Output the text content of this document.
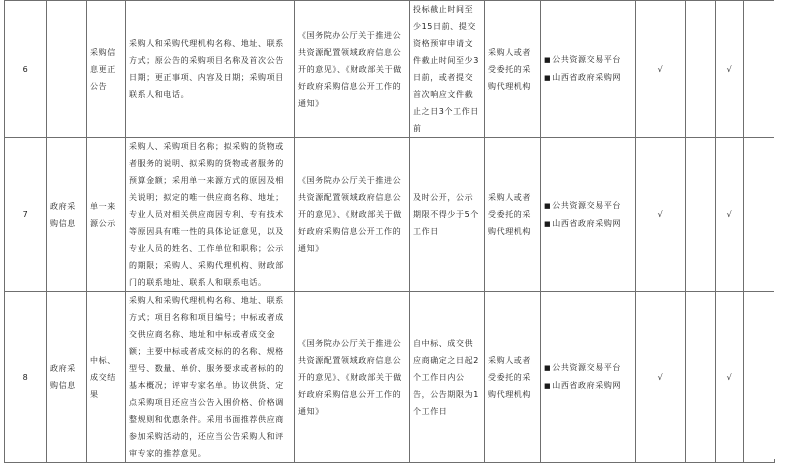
6		采购信息更正公告	采购人和采购代理机构名称、地址、联系方式；原公告的采购项目名称及首次公告日期；更正事项、内容及日期；采购项目联系人和电话。	《国务院办公厅关于推进公共资源配置领域政府信息公开的意见》、《财政部关于做好政府采购信息公开工作的通知》	投标截止时间至少15日前、提交资格预审申请文件截止时间至少3日前，或者提交首次响应文件截止之日3个工作日前	采购人或者受委托的采购代理机构	■公共资源交易平台
■山西省政府采购网	√		√	
7	政府采购信息	单一来源公示	采购人、采购项目名称；拟采购的货物或者服务的说明、拟采购的货物或者服务的预算金额；采用单一来源方式的原因及相关说明；拟定的唯一供应商名称、地址；专业人员对相关供应商因专利、专有技术等原因具有唯一性的具体论证意见，以及专业人员的姓名、工作单位和职称；公示的期限；采购人、采购代理机构、财政部门的联系地址、联系人和联系电话。	《国务院办公厅关于推进公共资源配置领域政府信息公开的意见》、《财政部关于做好政府采购信息公开工作的通知》	及时公开，公示期限不得少于5个工作日	采购人或者受委托的采购代理机构	■公共资源交易平台
■山西省政府采购网	√		√	
8	政府采购信息	中标、成交结果	采购人和采购代理机构名称、地址、联系方式；项目名称和项目编号；中标或者成交供应商名称、地址和中标或者成交金额；主要中标或者成交标的的名称、规格型号、数量、单价、服务要求或者标的的基本概况；评审专家名单。协议供货、定点采购项目还应当公告入围价格、价格调整规则和优惠条件。采用书面推荐供应商参加采购活动的，还应当公告采购人和评审专家的推荐意见。	《国务院办公厅关于推进公共资源配置领域政府信息公开的意见》、《财政部关于做好政府采购信息公开工作的通知》	自中标、成交供应商确定之日起2个工作日内公告，公告期限为1个工作日	采购人或者受委托的采购代理机构	■公共资源交易平台
■山西省政府采购网	√		√	
